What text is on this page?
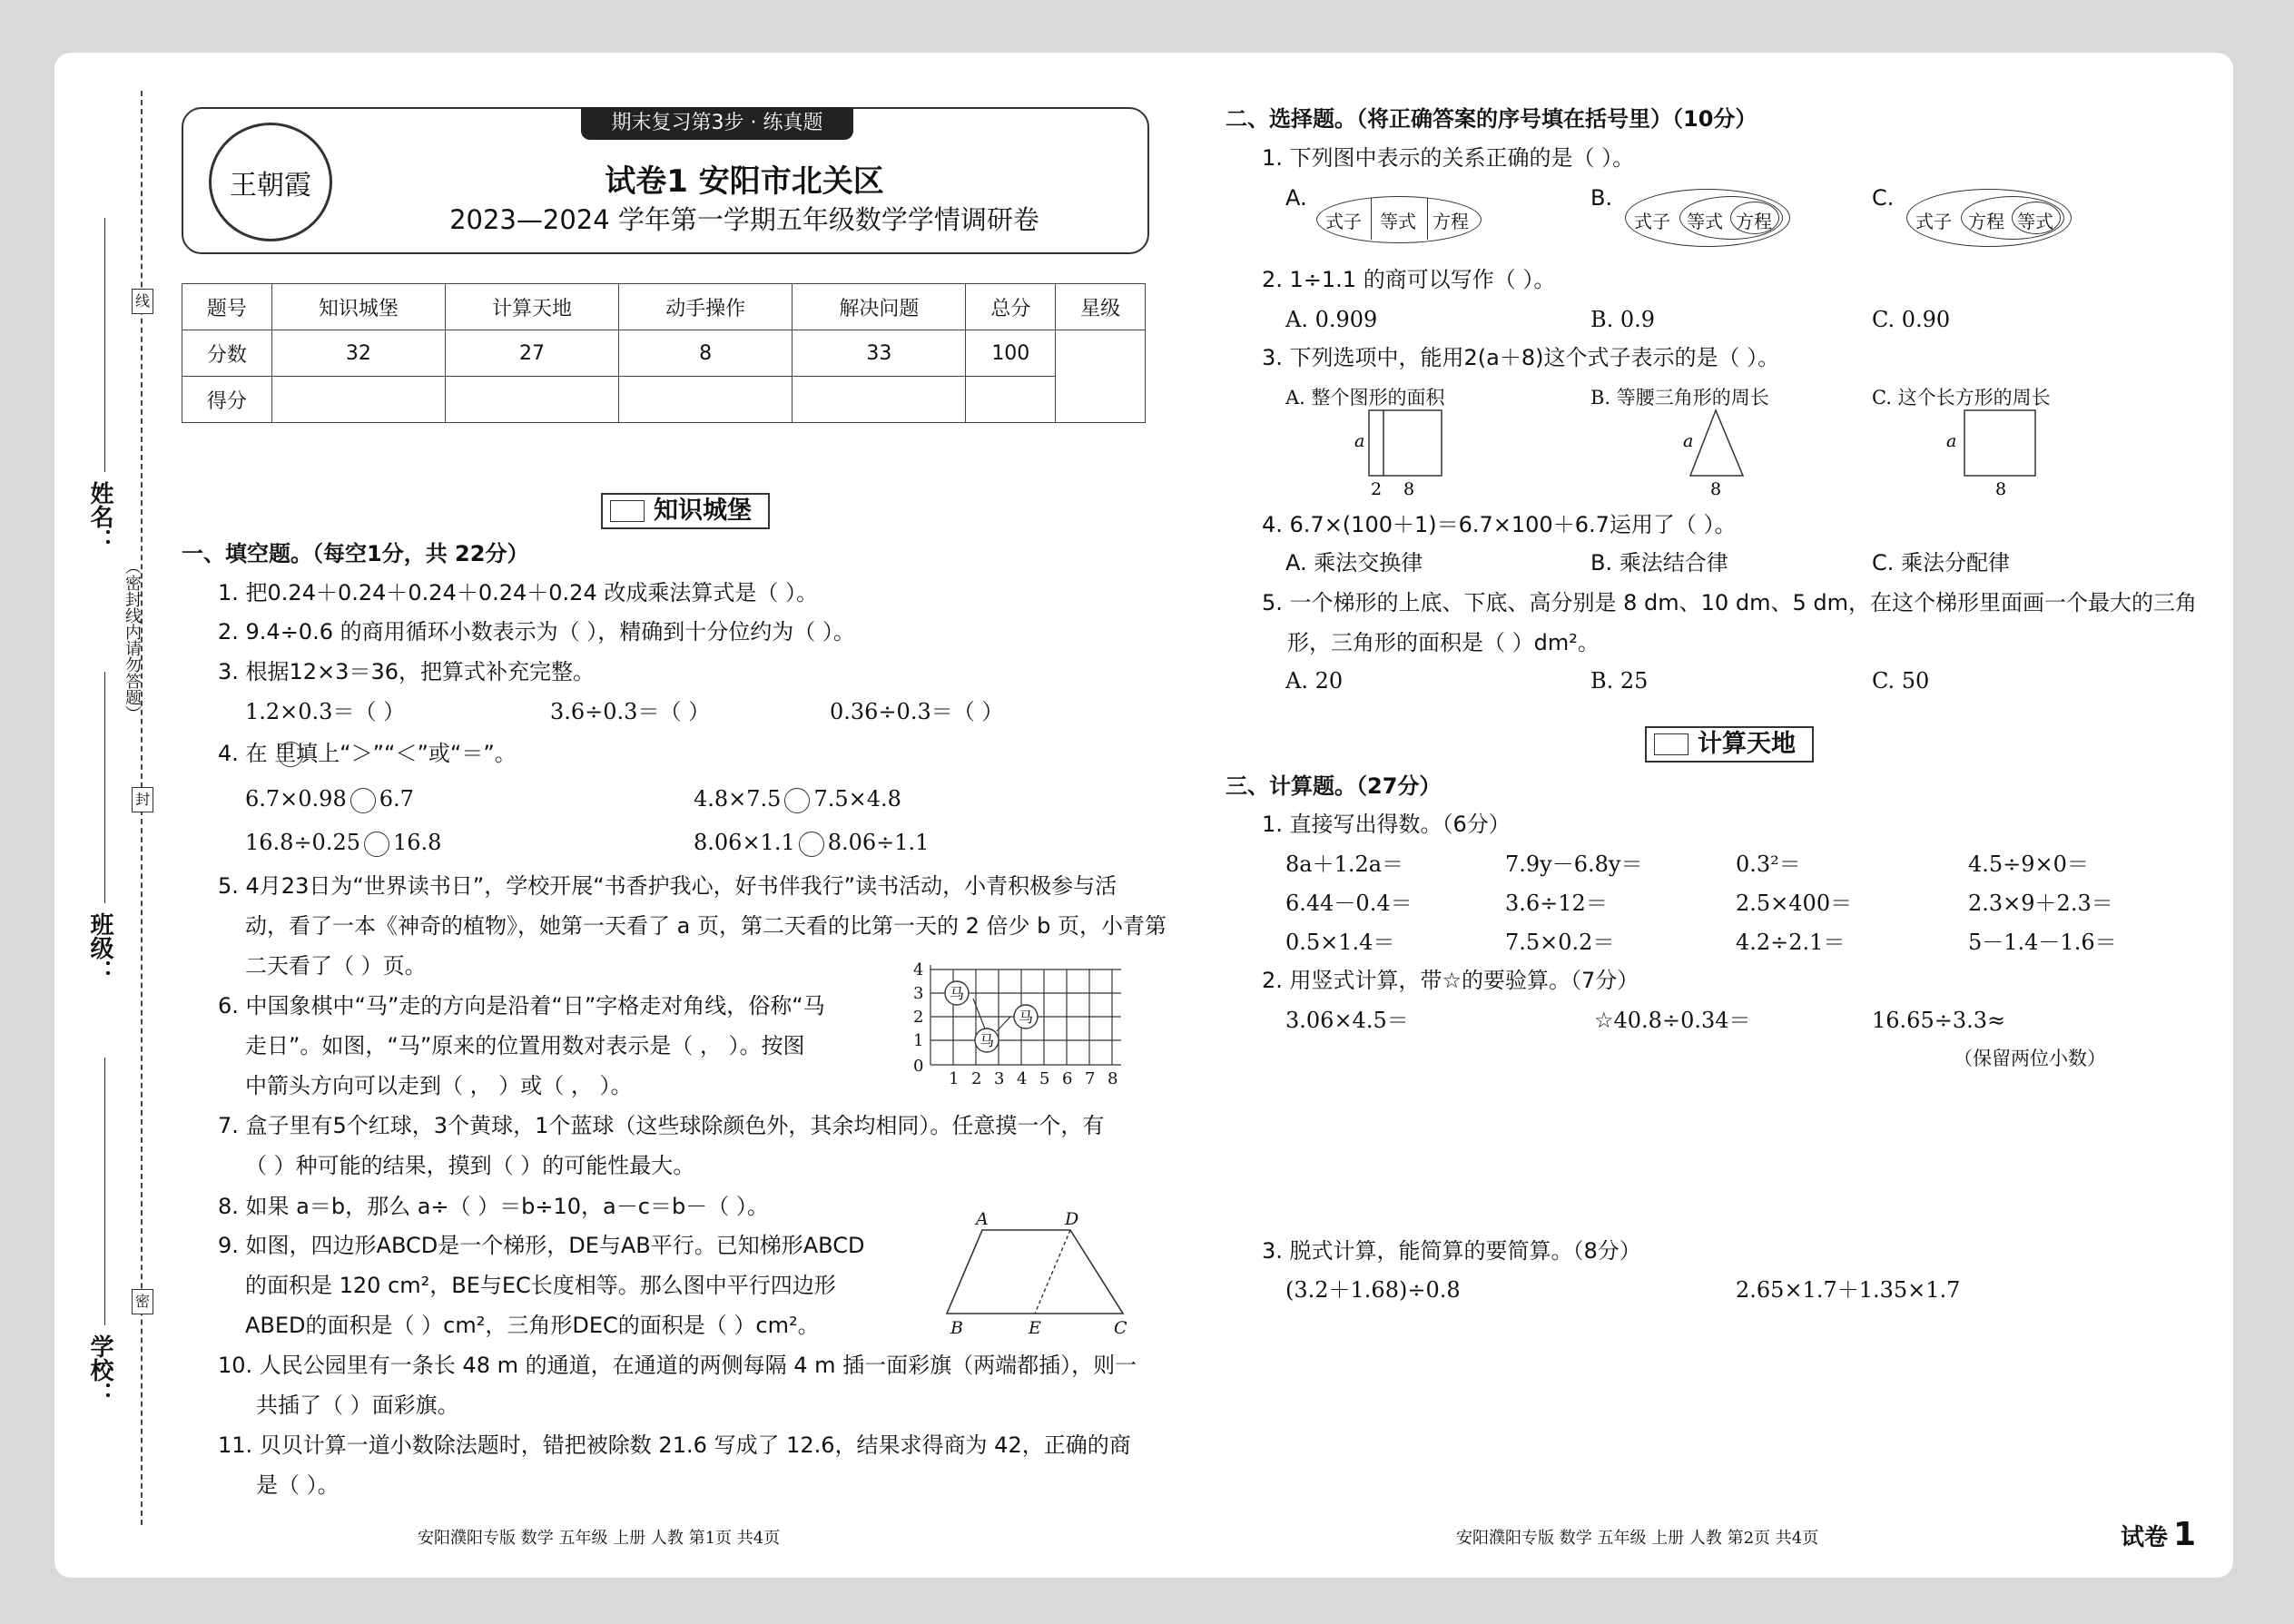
姓名：
班级：
学校：
（密封线内请勿答题）
线
封
密
期末复习第3步 · 练真题
王朝霞	试卷1 安阳市北关区
2023—2024 学年第一学期五年级数学学情调研卷
题号	知识城堡	计算天地	动手操作	解决问题	总分	星级
分数	32	27	8	33	100	
得分						
知识城堡
一、填空题。（每空1分，共 22分）
1. 把0.24＋0.24＋0.24＋0.24＋0.24 改成乘法算式是（ ）。
2. 9.4÷0.6 的商用循环小数表示为（ ），精确到十分位约为（ ）。
3. 根据12×3＝36，把算式补充完整。
1.2×0.3＝（ ）	3.6÷0.3＝（ ）	0.36÷0.3＝（ ）
4. 在 里填上“＞”“＜”或“＝”。
6.7×0.98 6.7	4.8×7.5 7.5×4.8
16.8÷0.25 16.8	8.06×1.1 8.06÷1.1
5. 4月23日为“世界读书日”，学校开展“书香护我心，好书伴我行”读书活动，小青积极参与活
动，看了一本《神奇的植物》，她第一天看了 a 页，第二天看的比第一天的 2 倍少 b 页，小青第
二天看了（ ）页。
6. 中国象棋中“马”走的方向是沿着“日”字格走对角线，俗称“马
走日”。如图，“马”原来的位置用数对表示是（ ， ）。按图
中箭头方向可以走到（ ， ）或（ ， ）。
4
3
2
1
0
1 2 3 4 5 6 7 8
马
马
马
7. 盒子里有5个红球，3个黄球，1个蓝球（这些球除颜色外，其余均相同）。任意摸一个，有
（ ）种可能的结果，摸到（ ）的可能性最大。
8. 如果 a＝b，那么 a÷（ ）＝b÷10，a－c＝b－（ ）。
9. 如图，四边形ABCD是一个梯形，DE与AB平行。已知梯形ABCD
的面积是 120 cm²，BE与EC长度相等。那么图中平行四边形
ABED的面积是（ ）cm²，三角形DEC的面积是（ ）cm²。
A	D
B	E	C
10. 人民公园里有一条长 48 m 的通道，在通道的两侧每隔 4 m 插一面彩旗（两端都插），则一
共插了（ ）面彩旗。
11. 贝贝计算一道小数除法题时，错把被除数 21.6 写成了 12.6，结果求得商为 42，正确的商
是（ ）。
安阳濮阳专版 数学 五年级 上册 人教 第1页 共4页
二、选择题。（将正确答案的序号填在括号里）（10分）
1. 下列图中表示的关系正确的是（ ）。
A.
式子 等式 方程
B.
式子 等式 方程
C.
式子 方程 等式
2. 1÷1.1 的商可以写作（ ）。
A. 0.909	B. 0.9	C. 0.90
3. 下列选项中，能用2(a＋8)这个式子表示的是（ ）。
A. 整个图形的面积	B. 等腰三角形的周长	C. 这个长方形的周长
a
2 8
a
8
a
8
4. 6.7×(100＋1)＝6.7×100＋6.7运用了（ ）。
A. 乘法交换律	B. 乘法结合律	C. 乘法分配律
5. 一个梯形的上底、下底、高分别是 8 dm、10 dm、5 dm，在这个梯形里面画一个最大的三角
形，三角形的面积是（ ）dm²。
A. 20	B. 25	C. 50
计算天地
三、计算题。（27分）
1. 直接写出得数。（6分）
8a＋1.2a＝	7.9y－6.8y＝	0.3²＝	4.5÷9×0＝
6.44－0.4＝	3.6÷12＝	2.5×400＝	2.3×9＋2.3＝
0.5×1.4＝	7.5×0.2＝	4.2÷2.1＝	5－1.4－1.6＝
2. 用竖式计算，带☆的要验算。（7分）
3.06×4.5＝	☆40.8÷0.34＝	16.65÷3.3≈
（保留两位小数）
3. 脱式计算，能简算的要简算。（8分）
(3.2＋1.68)÷0.8	2.65×1.7＋1.35×1.7
安阳濮阳专版 数学 五年级 上册 人教 第2页 共4页	试卷 1
